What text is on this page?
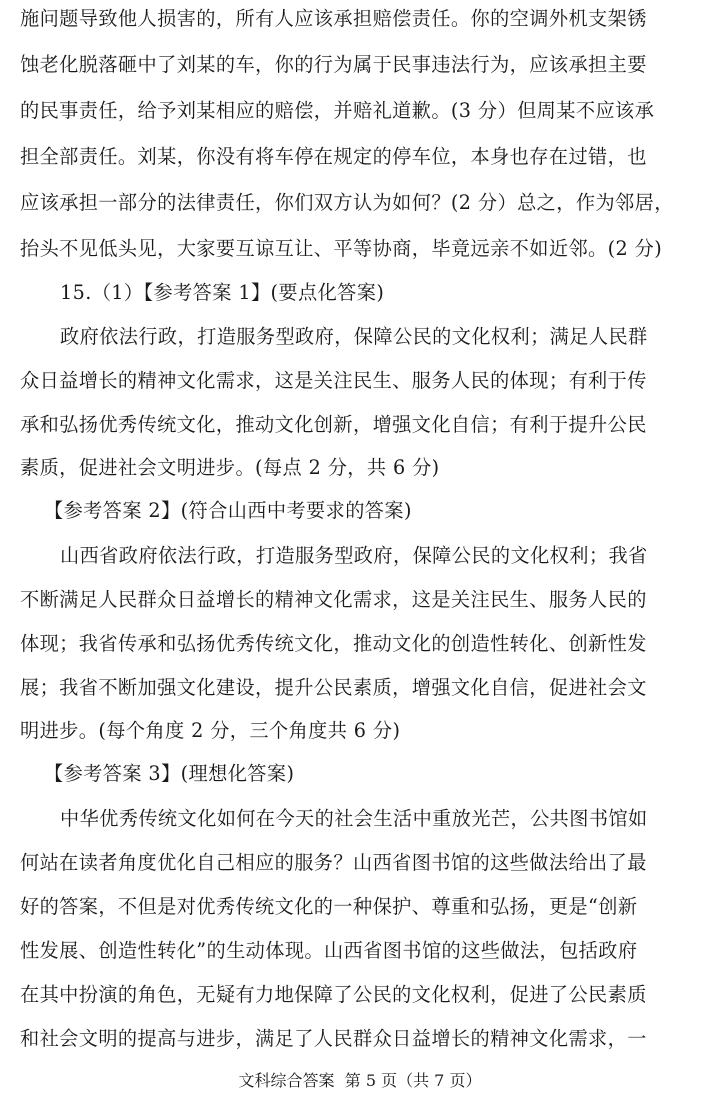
施问题导致他人损害的，所有人应该承担赔偿责任。你的空调外机支架锈
蚀老化脱落砸中了刘某的车，你的行为属于民事违法行为，应该承担主要
的民事责任，给予刘某相应的赔偿，并赔礼道歉。(3 分）但周某不应该承
担全部责任。刘某，你没有将车停在规定的停车位，本身也存在过错，也
应该承担一部分的法律责任，你们双方认为如何？(2 分）总之，作为邻居，
抬头不见低头见，大家要互谅互让、平等协商，毕竟远亲不如近邻。(2 分)
15.（1）【参考答案 1】(要点化答案)
政府依法行政，打造服务型政府，保障公民的文化权利；满足人民群
众日益增长的精神文化需求，这是关注民生、服务人民的体现；有利于传
承和弘扬优秀传统文化，推动文化创新，增强文化自信；有利于提升公民
素质，促进社会文明进步。(每点 2 分，共 6 分)
【参考答案 2】(符合山西中考要求的答案)
山西省政府依法行政，打造服务型政府，保障公民的文化权利；我省
不断满足人民群众日益增长的精神文化需求，这是关注民生、服务人民的
体现；我省传承和弘扬优秀传统文化，推动文化的创造性转化、创新性发
展；我省不断加强文化建设，提升公民素质，增强文化自信，促进社会文
明进步。(每个角度 2 分，三个角度共 6 分)
【参考答案 3】(理想化答案)
中华优秀传统文化如何在今天的社会生活中重放光芒，公共图书馆如
何站在读者角度优化自己相应的服务？山西省图书馆的这些做法给出了最
好的答案，不但是对优秀传统文化的一种保护、尊重和弘扬，更是“创新
性发展、创造性转化”的生动体现。山西省图书馆的这些做法，包括政府
在其中扮演的角色，无疑有力地保障了公民的文化权利，促进了公民素质
和社会文明的提高与进步，满足了人民群众日益增长的精神文化需求，一
文科综合答案 第 5 页（共 7 页）
